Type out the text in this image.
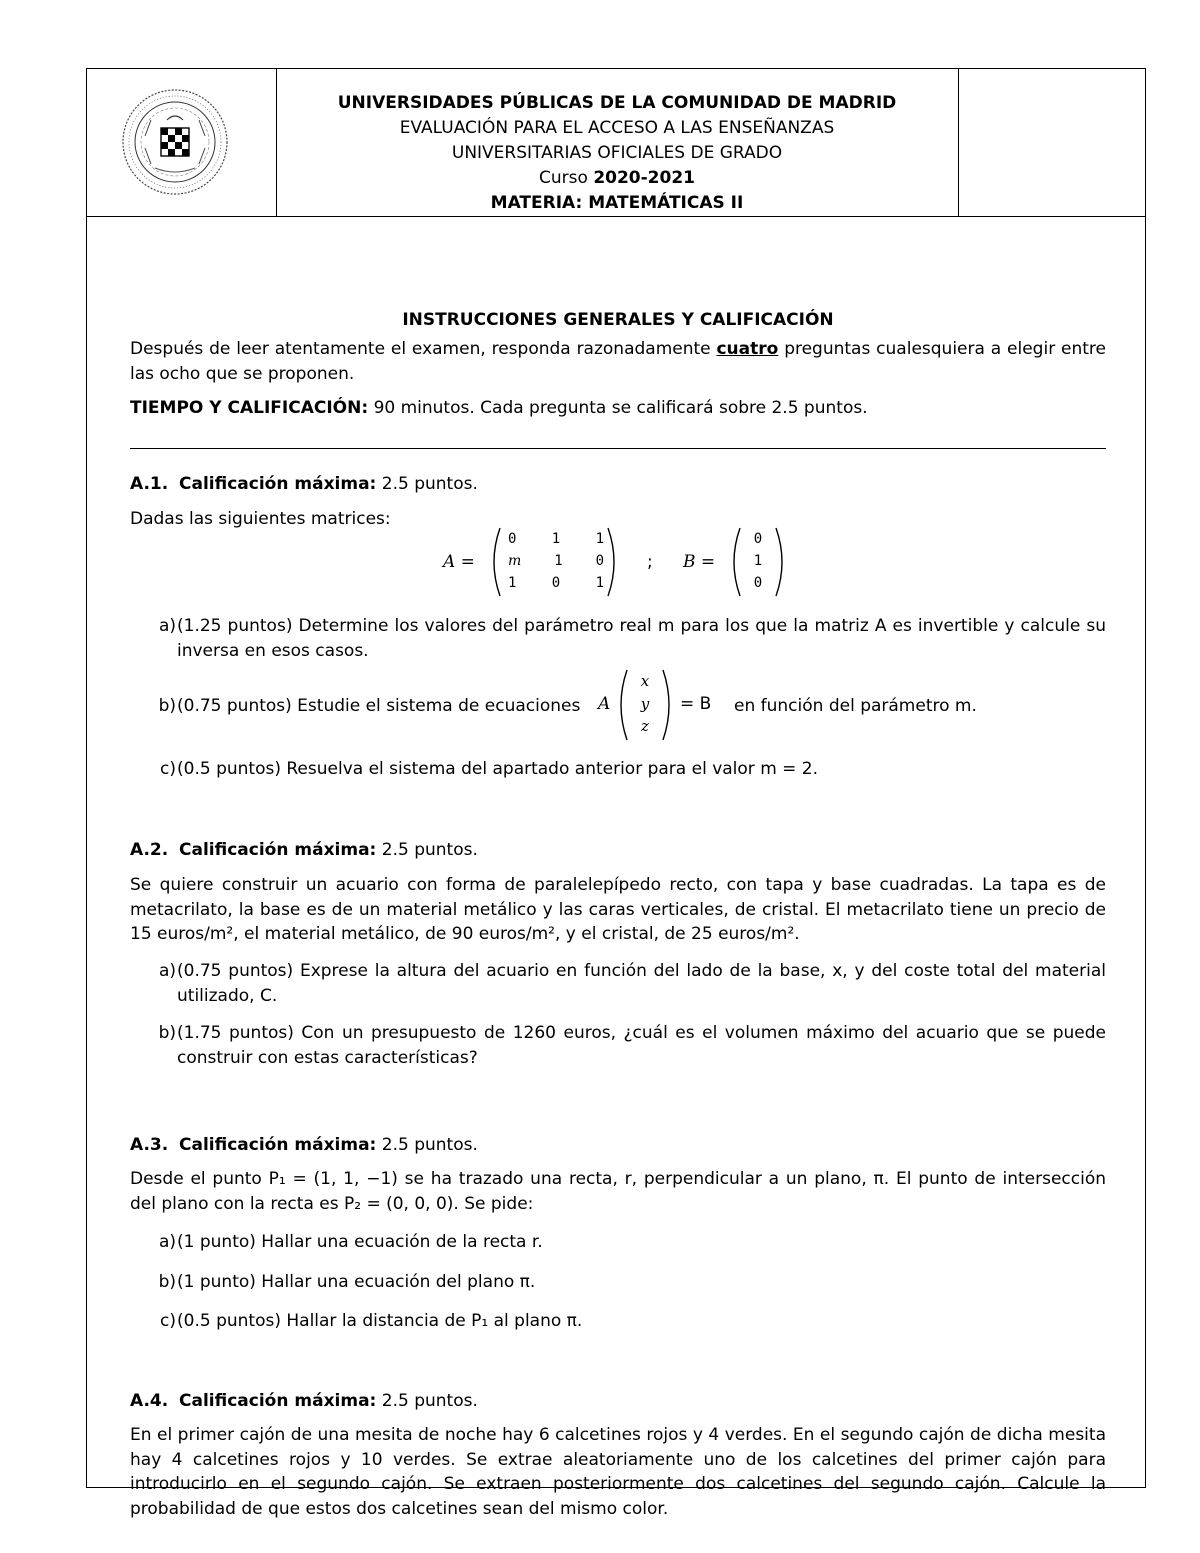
UNIVERSIDADES PÚBLICAS DE LA COMUNIDAD DE MADRID
EVALUACIÓN PARA EL ACCESO A LAS ENSEÑANZAS
UNIVERSITARIAS OFICIALES DE GRADO
Curso 2020-2021
MATERIA: MATEMÁTICAS II
INSTRUCCIONES GENERALES Y CALIFICACIÓN
Después de leer atentamente el examen, responda razonadamente cuatro preguntas cualesquiera a elegir entre las ocho que se proponen.
TIEMPO Y CALIFICACIÓN: 90 minutos. Cada pregunta se calificará sobre 2.5 puntos.
A.1. Calificación máxima: 2.5 puntos.
Dadas las siguientes matrices:
A =
0	1	1
m 1 0
1	0	1
; B =
0
1
0
a) (1.25 puntos) Determine los valores del parámetro real m para los que la matriz A es invertible y calcule su inversa en esos casos.
b) (0.75 puntos) Estudie el sistema de ecuaciones A
x
y
z
= B en función del parámetro m.
c) (0.5 puntos) Resuelva el sistema del apartado anterior para el valor m = 2.
A.2. Calificación máxima: 2.5 puntos.
Se quiere construir un acuario con forma de paralelepípedo recto, con tapa y base cuadradas. La tapa es de metacrilato, la base es de un material metálico y las caras verticales, de cristal. El metacrilato tiene un precio de 15 euros/m², el material metálico, de 90 euros/m², y el cristal, de 25 euros/m².
a) (0.75 puntos) Exprese la altura del acuario en función del lado de la base, x, y del coste total del material utilizado, C.
b) (1.75 puntos) Con un presupuesto de 1260 euros, ¿cuál es el volumen máximo del acuario que se puede construir con estas características?
A.3. Calificación máxima: 2.5 puntos.
Desde el punto P₁ = (1, 1, −1) se ha trazado una recta, r, perpendicular a un plano, π. El punto de intersección del plano con la recta es P₂ = (0, 0, 0). Se pide:
a) (1 punto) Hallar una ecuación de la recta r.
b) (1 punto) Hallar una ecuación del plano π.
c) (0.5 puntos) Hallar la distancia de P₁ al plano π.
A.4. Calificación máxima: 2.5 puntos.
En el primer cajón de una mesita de noche hay 6 calcetines rojos y 4 verdes. En el segundo cajón de dicha mesita hay 4 calcetines rojos y 10 verdes. Se extrae aleatoriamente uno de los calcetines del primer cajón para introducirlo en el segundo cajón. Se extraen posteriormente dos calcetines del segundo cajón. Calcule la probabilidad de que estos dos calcetines sean del mismo color.
